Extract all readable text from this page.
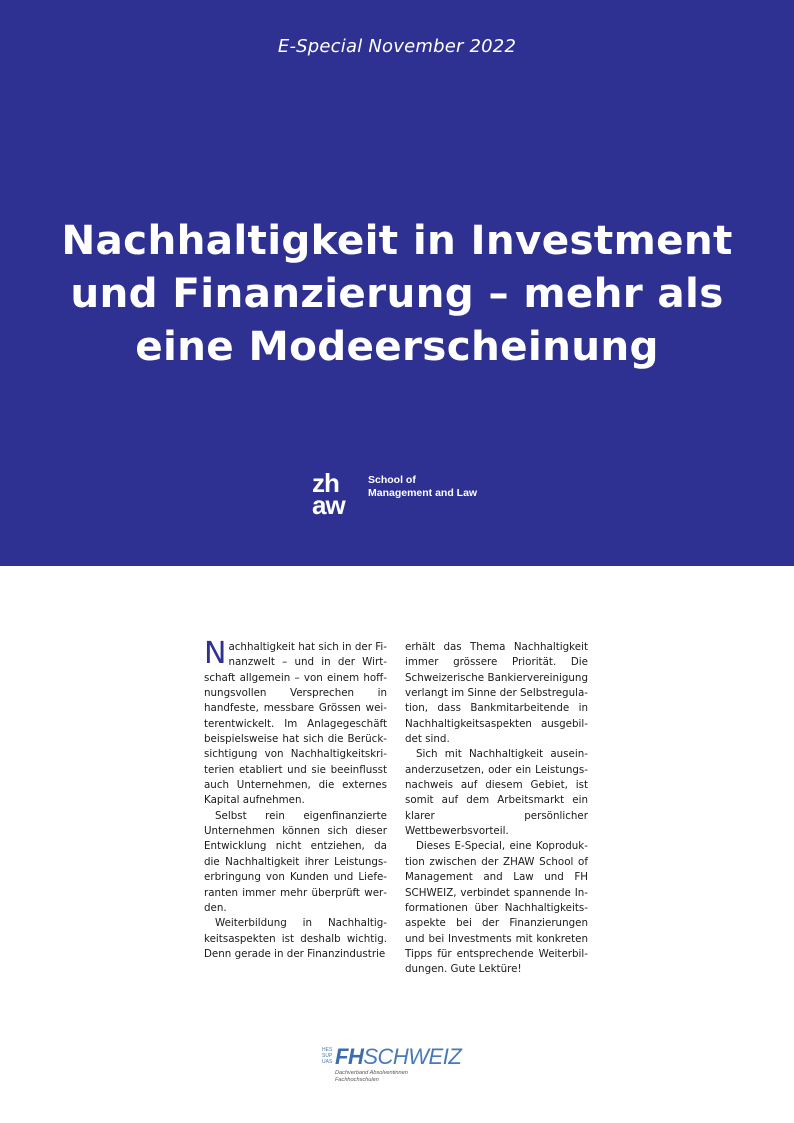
E-Special November 2022
Nachhaltigkeit in Investment
und Finanzierung – mehr als
eine Modeerscheinung
zh
aw
School of
Management and Law

Nachhaltigkeit hat sich in der Finanzwelt – und in der Wirtschaft allgemein – von einem hoffnungsvollen Versprechen in handfeste, messbare Grössen weiterentwickelt. Im Anlagegeschäft beispielsweise hat sich die Berücksichtigung von Nachhaltigkeitskriterien etabliert und sie beeinflusst auch Unternehmen, die externes Kapital aufnehmen.

Selbst rein eigenfinanzierte Unternehmen können sich dieser Entwicklung nicht entziehen, da die Nachhaltigkeit ihrer Leistungserbringung von Kunden und Lieferanten immer mehr überprüft werden.

Weiterbildung in Nachhaltigkeitsaspekten ist deshalb wichtig. Denn gerade in der Finanzindustrie

erhält das Thema Nachhaltigkeit immer grössere Priorität. Die Schweizerische Bankiervereinigung verlangt im Sinne der Selbstregulation, dass Bankmitarbeitende in Nachhaltigkeitsaspekten ausgebildet sind.

Sich mit Nachhaltigkeit auseinanderzusetzen, oder ein Leistungsnachweis auf diesem Gebiet, ist somit auf dem Arbeitsmarkt ein klarer persönlicher Wettbewerbsvorteil.

Dieses E-Special, eine Koproduktion zwischen der ZHAW School of Management and Law und FH SCHWEIZ, verbindet spannende Informationen über Nachhaltigkeitsaspekte bei der Finanzierungen und bei Investments mit konkreten Tipps für entsprechende Weiterbildungen. Gute Lektüre!

HES
SUP
UAS FHSCHWEIZ
Dachverband Absolventinnen
Fachhochschulen
